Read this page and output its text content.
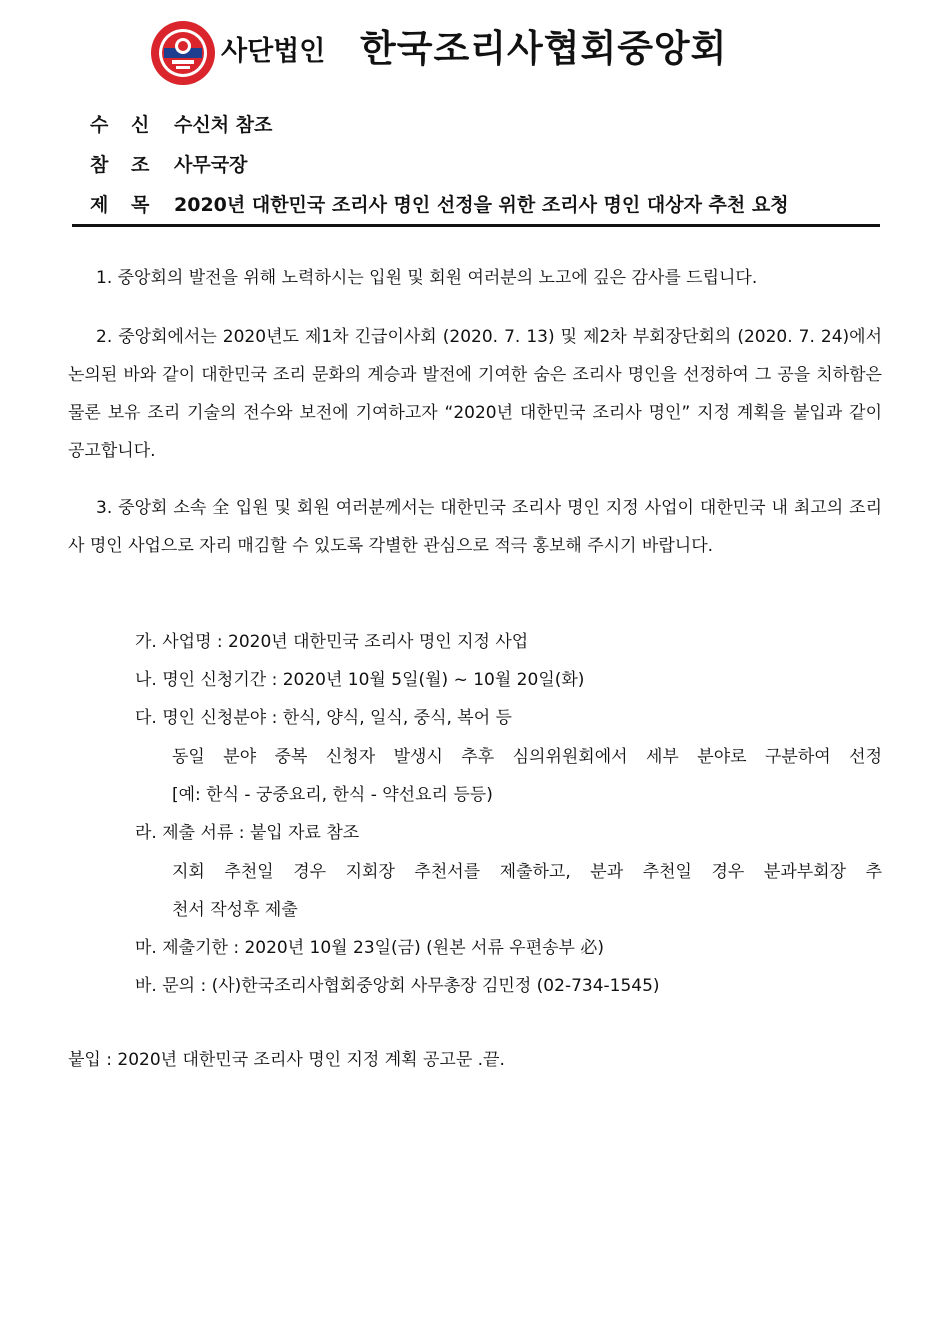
사단법인 한국조리사협회중앙회
수 신 수신처 참조
참 조 사무국장
제 목 2020년 대한민국 조리사 명인 선정을 위한 조리사 명인 대상자 추천 요청

1. 중앙회의 발전을 위해 노력하시는 입원 및 회원 여러분의 노고에 깊은 감사를 드립니다.

2. 중앙회에서는 2020년도 제1차 긴급이사회 (2020. 7. 13) 및 제2차 부회장단회의 (2020. 7. 24)에서 논의된 바와 같이 대한민국 조리 문화의 계승과 발전에 기여한 숨은 조리사 명인을 선정하여 그 공을 치하함은 물론 보유 조리 기술의 전수와 보전에 기여하고자 “2020년 대한민국 조리사 명인” 지정 계획을 붙입과 같이 공고합니다.

3. 중앙회 소속 全 입원 및 회원 여러분께서는 대한민국 조리사 명인 지정 사업이 대한민국 내 최고의 조리사 명인 사업으로 자리 매김할 수 있도록 각별한 관심으로 적극 홍보해 주시기 바랍니다.

가. 사업명 : 2020년 대한민국 조리사 명인 지정 사업

나. 명인 신청기간 : 2020년 10월 5일(월) ~ 10월 20일(화)

다. 명인 신청분야 : 한식, 양식, 일식, 중식, 복어 등

동일 분야 중복 신청자 발생시 추후 심의위원회에서 세부 분야로 구분하여 선정

[예: 한식 - 궁중요리, 한식 - 약선요리 등등)

라. 제출 서류 : 붙입 자료 참조

지회 추천일 경우 지회장 추천서를 제출하고, 분과 추천일 경우 분과부회장 추

천서 작성후 제출

마. 제출기한 : 2020년 10월 23일(금) (원본 서류 우편송부 必)

바. 문의 : (사)한국조리사협회중앙회 사무총장 김민정 (02-734-1545)

붙입 : 2020년 대한민국 조리사 명인 지정 계획 공고문 .끝.
